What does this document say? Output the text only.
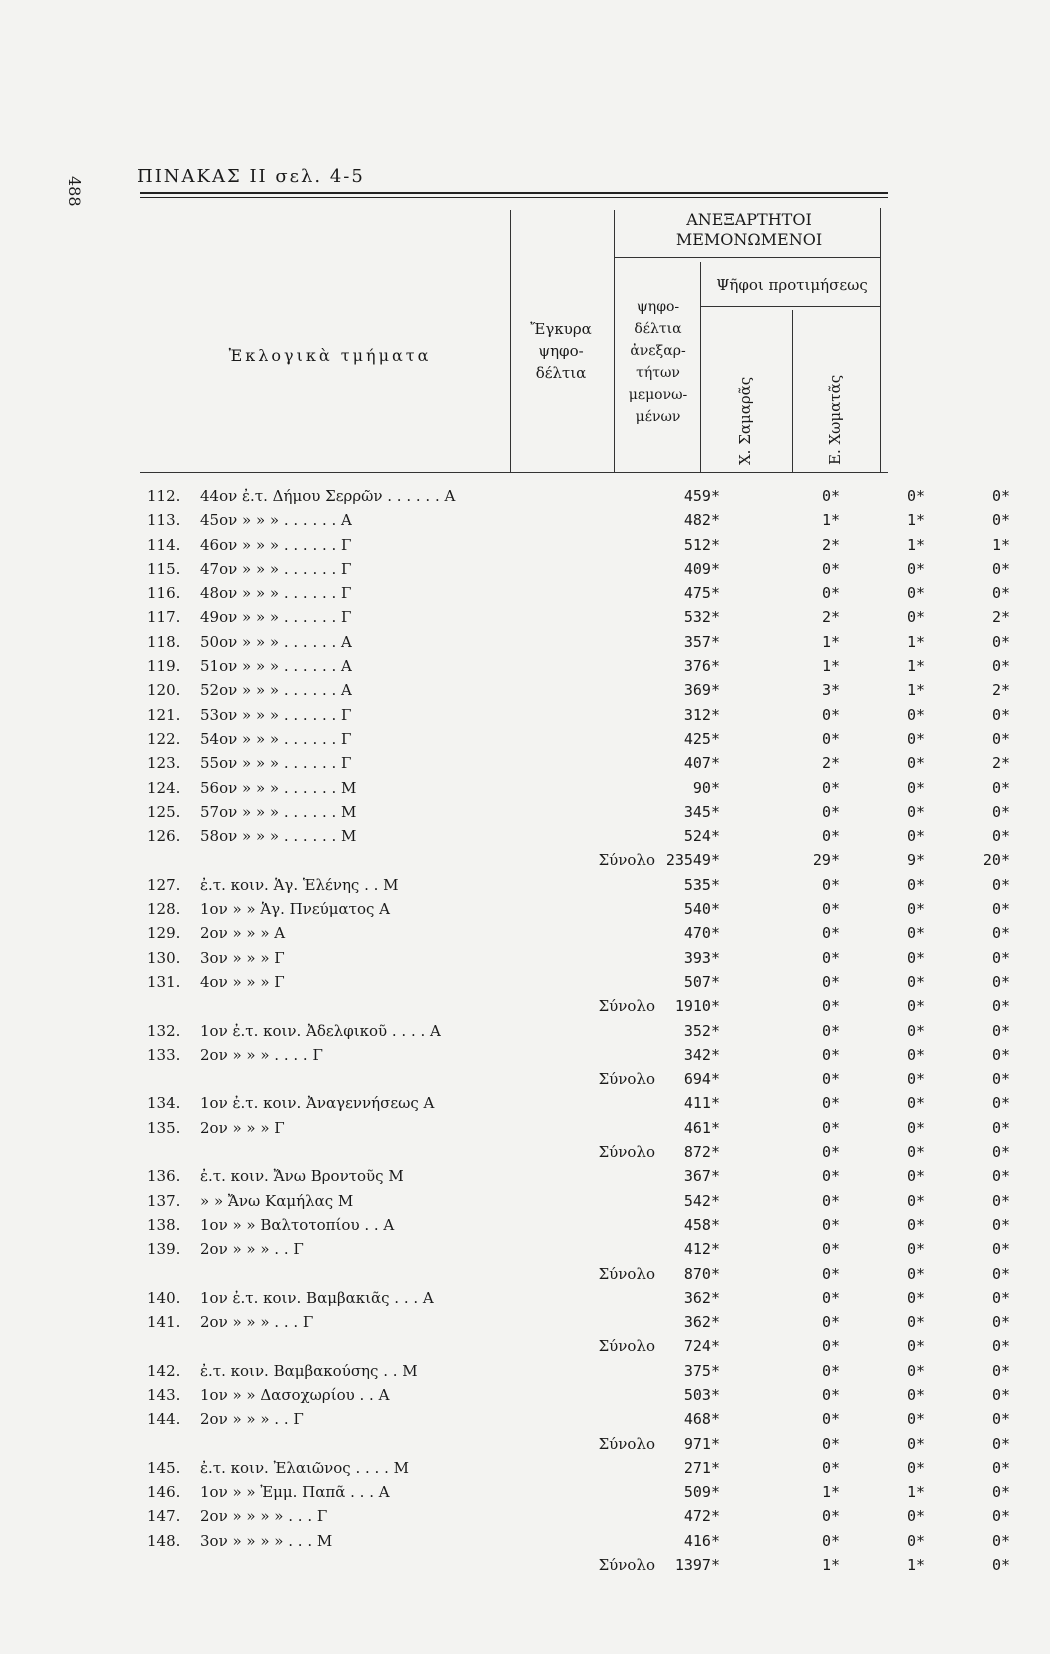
488	ΠΙΝΑΚΑΣ ΙΙ σελ. 4-5
Ἐκλογικὰ τμήματα
Ἔγκυρα ψηφο- δέλτια
ΑΝΕΞΑΡΤΗΤΟΙ ΜΕΜΟΝΩΜΕΝΟΙ
ψηφο- δέλτια ἀνεξαρ- τήτων μεμονω- μένων
Ψῆφοι προτιμήσεως
Χ. Σαμαρᾶς	Ε. Χωματᾶς
112. 44ον ἐ.τ. Δήμου Σερρῶν . . . . . . Α	459*	0*	0*	0*
113. 45ον » » » . . . . . . Α	482*	1*	1*	0*
114. 46ον » » » . . . . . . Γ	512*	2*	1*	1*
115. 47ον » » » . . . . . . Γ	409*	0*	0*	0*
116. 48ον » » » . . . . . . Γ	475*	0*	0*	0*
117. 49ον » » » . . . . . . Γ	532*	2*	0*	2*
118. 50ον » » » . . . . . . Α	357*	1*	1*	0*
119. 51ον » » » . . . . . . Α	376*	1*	1*	0*
120. 52ον » » » . . . . . . Α	369*	3*	1*	2*
121. 53ον » » » . . . . . . Γ	312*	0*	0*	0*
122. 54ον » » » . . . . . . Γ	425*	0*	0*	0*
123. 55ον » » » . . . . . . Γ	407*	2*	0*	2*
124. 56ον » » » . . . . . . Μ	90*	0*	0*	0*
125. 57ον » » » . . . . . . Μ	345*	0*	0*	0*
126. 58ον » » » . . . . . . Μ	524*	0*	0*	0*
Σύνολο 23549*	29*	9*	20*
127. ἐ.τ. κοιν. Ἁγ. Ἑλένης . . Μ	535*	0*	0*	0*
128. 1ον » » Ἁγ. Πνεύματος Α	540*	0*	0*	0*
129. 2ον » » » Α	470*	0*	0*	0*
130. 3ον » » » Γ	393*	0*	0*	0*
131. 4ον » » » Γ	507*	0*	0*	0*
Σύνολο	1910*	0*	0*	0*
132. 1ον ἐ.τ. κοιν. Ἀδελφικοῦ . . . . Α	352*	0*	0*	0*
133. 2ον » » » . . . . Γ	342*	0*	0*	0*
Σύνολο	694*	0*	0*	0*
134. 1ον ἐ.τ. κοιν. Ἀναγεννήσεως Α	411*	0*	0*	0*
135. 2ον » » » Γ	461*	0*	0*	0*
Σύνολο	872*	0*	0*	0*
136. ἐ.τ. κοιν. Ἄνω Βροντοῦς Μ	367*	0*	0*	0*
137. » » Ἄνω Καμήλας Μ	542*	0*	0*	0*
138. 1ον » » Βαλτοτοπίου . . Α	458*	0*	0*	0*
139. 2ον » » » . . Γ	412*	0*	0*	0*
Σύνολο	870*	0*	0*	0*
140. 1ον ἐ.τ. κοιν. Βαμβακιᾶς . . . Α	362*	0*	0*	0*
141. 2ον » » » . . . Γ	362*	0*	0*	0*
Σύνολο	724*	0*	0*	0*
142. ἐ.τ. κοιν. Βαμβακούσης . . Μ	375*	0*	0*	0*
143. 1ον » » Δασοχωρίου . . Α	503*	0*	0*	0*
144. 2ον » » » . . Γ	468*	0*	0*	0*
Σύνολο	971*	0*	0*	0*
145. ἐ.τ. κοιν. Ἐλαιῶνος . . . . Μ	271*	0*	0*	0*
146. 1ον » » Ἐμμ. Παπᾶ . . . Α	509*	1*	1*	0*
147. 2ον » » » » . . . Γ	472*	0*	0*	0*
148. 3ον » » » » . . . Μ	416*	0*	0*	0*
Σύνολο	1397*	1*	1*	0*
